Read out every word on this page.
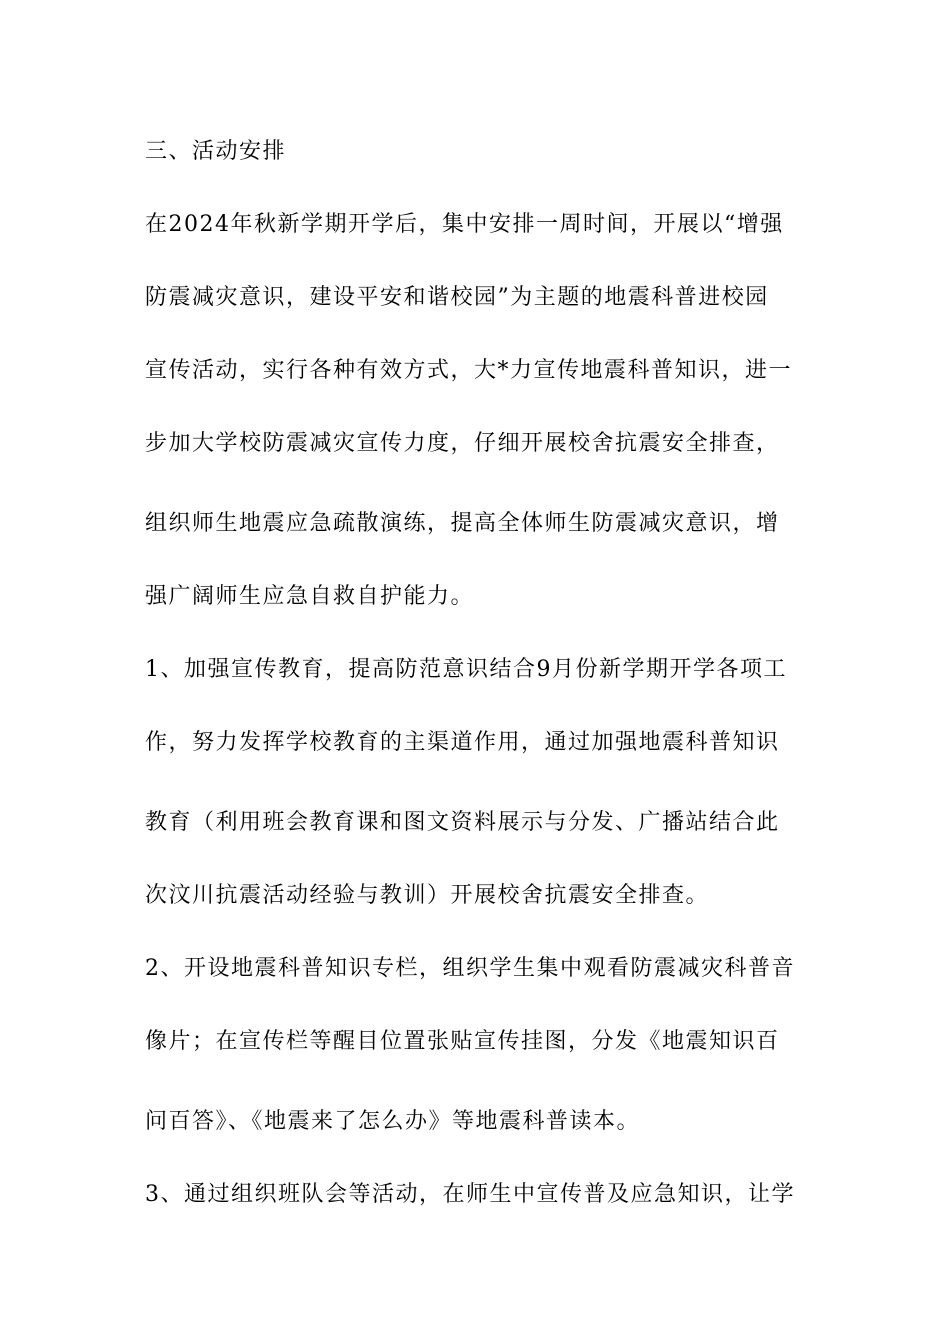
三、活动安排
在2024年秋新学期开学后，集中安排一周时间，开展以“增强
防震减灾意识，建设平安和谐校园”为主题的地震科普进校园
宣传活动，实行各种有效方式，大*力宣传地震科普知识，进一
步加大学校防震减灾宣传力度，仔细开展校舍抗震安全排查，
组织师生地震应急疏散演练，提高全体师生防震减灾意识，增
强广阔师生应急自救自护能力。
1、加强宣传教育，提高防范意识结合9月份新学期开学各项工
作，努力发挥学校教育的主渠道作用，通过加强地震科普知识
教育（利用班会教育课和图文资料展示与分发、广播站结合此
次汶川抗震活动经验与教训）开展校舍抗震安全排查。
2、开设地震科普知识专栏，组织学生集中观看防震减灾科普音
像片；在宣传栏等醒目位置张贴宣传挂图，分发《地震知识百
问百答》、《地震来了怎么办》等地震科普读本。
3、通过组织班队会等活动，在师生中宣传普及应急知识，让学
